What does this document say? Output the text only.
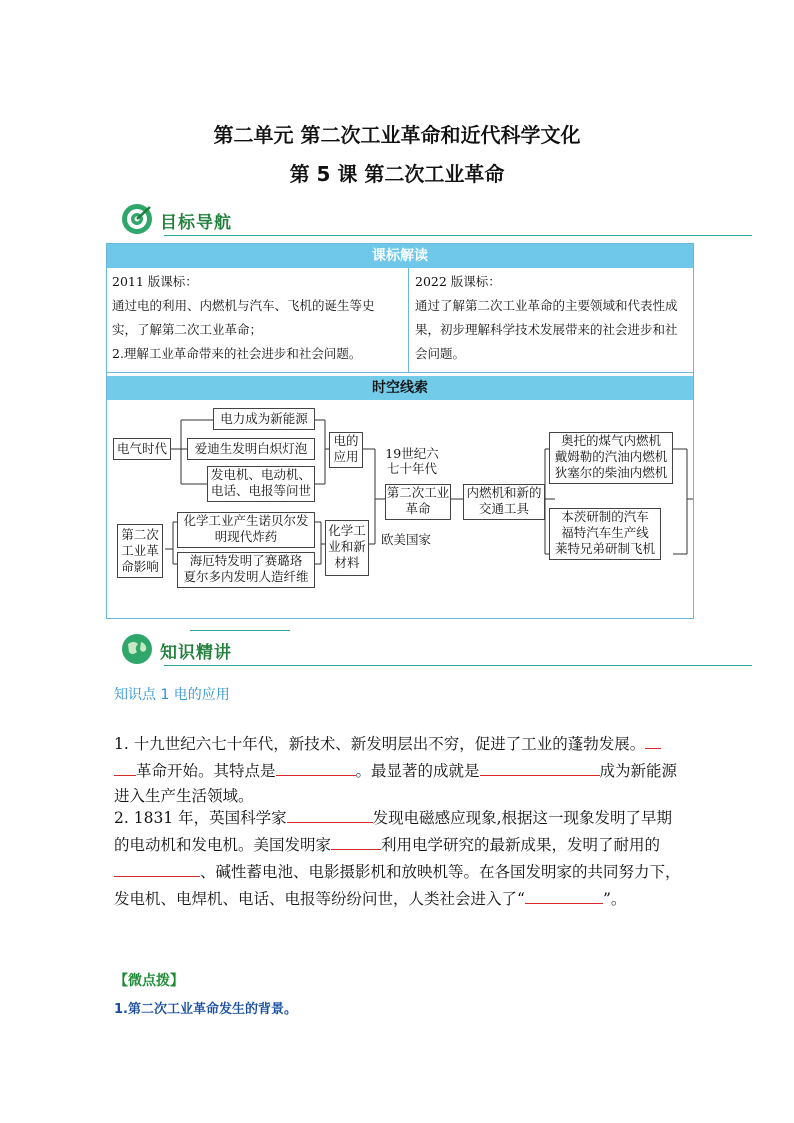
第二单元 第二次工业革命和近代科学文化
第 5 课 第二次工业革命
目标导航
课标解读
2011 版课标：
通过电的利用、内燃机与汽车、飞机的诞生等史实，了解第二次工业革命；
2.理解工业革命带来的社会进步和社会问题。
2022 版课标：
通过了解第二次工业革命的主要领域和代表性成果，初步理解科学技术发展带来的社会进步和社会问题。
时空线索
电气时代
电力成为新能源
爱迪生发明白炽灯泡
发电机、电动机、电话、电报等问世
电的应用	19世纪六七十年代
第二次工业革命
内燃机和新的交通工具
奥托的煤气内燃机
戴姆勒的汽油内燃机
狄塞尔的柴油内燃机
本茨研制的汽车
福特汽车生产线
莱特兄弟研制飞机
第二次工业革命影响
化学工业产生诺贝尔发明现代炸药
海厄特发明了赛璐珞
夏尔多内发明人造纤维
化学工业和新材料
欧美国家
知识精讲
知识点 1 电的应用
1. 十九世纪六七十年代，新技术、新发明层出不穷，促进了工业的蓬勃发展。
革命开始。其特点是	。最显著的成就是	成为新能源进入生产生活领域。
2. 1831 年，英国科学家	发现电磁感应现象,根据这一现象发明了早期的电动机和发电机。美国发明家	利用电学研究的最新成果，发明了耐用的、碱性蓄电池、电影摄影机和放映机等。在各国发明家的共同努力下，发电机、电焊机、电话、电报等纷纷问世，人类社会进入了“	”。
【微点拨】
1.第二次工业革命发生的背景。
